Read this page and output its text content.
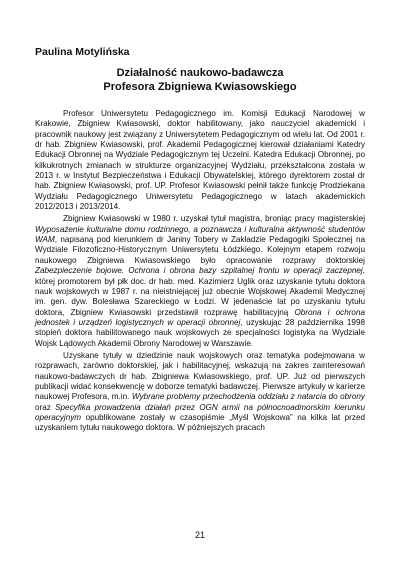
Paulina Motylińska

Działalność naukowo-badawcza
Profesora Zbigniewa Kwiasowskiego

Profesor Uniwersytetu Pedagogicznego im. Komisji Edukacji Narodowej w Krakowie, Zbigniew Kwiasowski, doktor habilitowany, jako nauczyciel akademicki i pracownik naukowy jest związany z Uniwersytetem Pedagogicznym od wielu lat. Od 2001 r. dr hab. Zbigniew Kwiasowski, prof. Akademii Pedagogicznej kierował działaniami Katedry Edukacji Obronnej na Wydziale Pedagogicznym tej Uczelni. Katedra Edukacji Obronnej, po kilkukrotnych zmianach w strukturze organizacyjnej Wydziału, przekształcona została w 2013 r. w Instytut Bezpieczeństwa i Edukacji Obywatelskiej, którego dyrektorem został dr hab. Zbigniew Kwiasowski, prof. UP. Profesor Kwiasowski pełnił także funkcję Prodziekana Wydziału Pedagogicznego Uniwersytetu Pedagogicznego w latach akademickich 2012/2013 i 2013/2014.

Zbigniew Kwiasowski w 1980 r. uzyskał tytuł magistra, broniąc pracy magisterskiej Wyposażenie kulturalne domu rodzinnego, a poznawcza i kulturalna aktywność studentów WAM, napisaną pod kierunkiem dr Janiny Tobery w Zakładzie Pedagogiki Społecznej na Wydziale Filozoficzno-Historycznym Uniwersytetu Łódzkiego. Kolejnym etapem rozwoju naukowego Zbigniewa Kwiasowskiego było opracowanie rozprawy doktorskiej Zabezpieczenie bojowe. Ochrona i obrona bazy szpitalnej frontu w operacji zaczepnej, której promotorem był płk doc. dr hab. med. Kazimierz Uglik oraz uzyskanie tytułu doktora nauk wojskowych w 1987 r. na nieistniejącej już obecnie Wojskowej Akademii Medycznej im. gen. dyw. Bolesława Szareckiego w Łodzi. W jedenaście lat po uzyskaniu tytułu doktora, Zbigniew Kwiasowski przedstawił rozprawę habilitacyjną Obrona i ochrona jednostek i urządzeń logistycznych w operacji obronnej, uzyskując 28 października 1998 stopień doktora habilitowanego nauk wojskowych ze specjalności logistyka na Wydziale Wojsk Lądowych Akademii Obrony Narodowej w Warszawie.

Uzyskane tytuły w dziedzinie nauk wojskowych oraz tematyka podejmowana w rozprawach, zarówno doktorskiej, jak i habilitacyjnej, wskazują na zakres zainteresowań naukowo-badawczych dr hab. Zbigniewa Kwiasowskiego, prof. UP. Już od pierwszych publikacji widać konsekwencję w doborze tematyki badawczej. Pierwsze artykuły w karierze naukowej Profesora, m.in. Wybrane problemy przechodzenia oddziału z natarcia do obrony oraz Specyfika prowadzenia działań przez OGN armii na północnoadmorskim kierunku operacyjnym opublikowane zostały w czasopiśmie „Myśl Wojskowa” na kilka lat przed uzyskaniem tytułu naukowego doktora. W późniejszych pracach

21
